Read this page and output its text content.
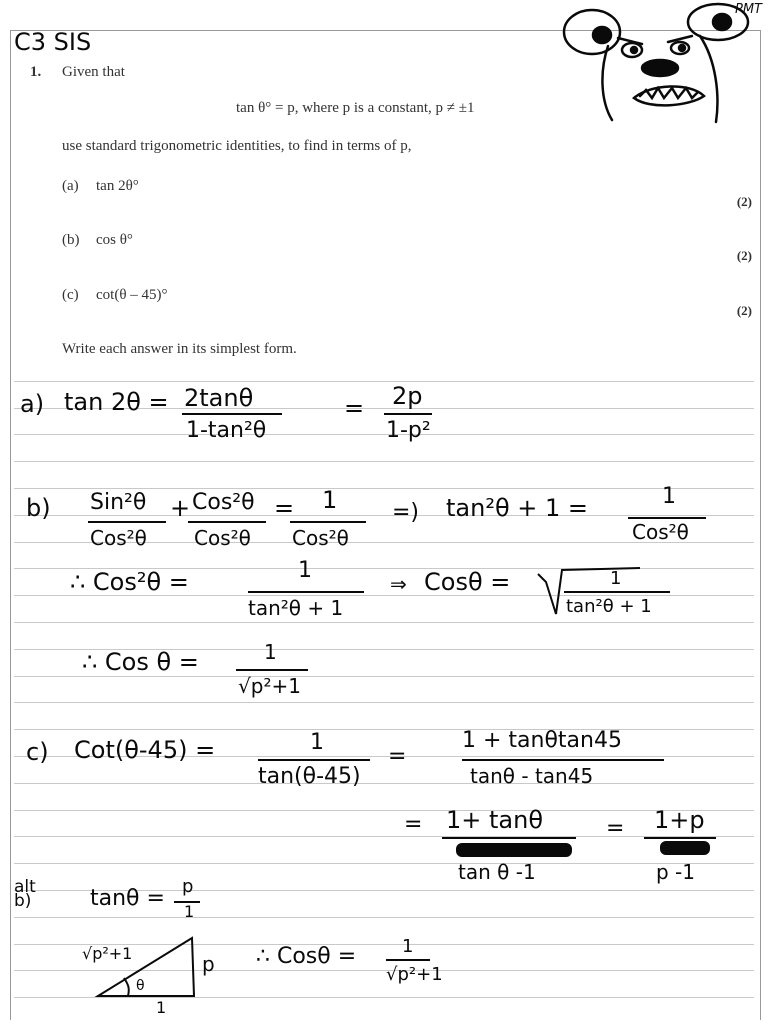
PMT
C3 SIS
1. Given that
tan θ° = p, where p is a constant, p ≠ ±1
use standard trigonometric identities, to find in terms of p,
(a) tan 2θ°
(2)
(b) cos θ°
(2)
(c) cot(θ – 45)°
(2)
Write each answer in its simplest form.
a) tan 2θ = 2tanθ
1-tan²θ
= 2p
1-p²
b) Sin²θ
Cos²θ
+ Cos²θ
Cos²θ
= 1
Cos²θ
=) tan²θ + 1 =	1
Cos²θ
∴ Cos²θ =	1
tan²θ + 1
⇒ Cosθ =	1
tan²θ + 1
∴ Cos θ =	1
√p²+1
c) Cot(θ-45) =	1
tan(θ-45)
=
1 + tanθtan45
tanθ - tan45
= 1+ tanθ
tan θ -1
= 1+p
p -1
alt b)	tanθ = p
1
√p²+1	p
1
θ
∴ Cosθ =	1
√p²+1
